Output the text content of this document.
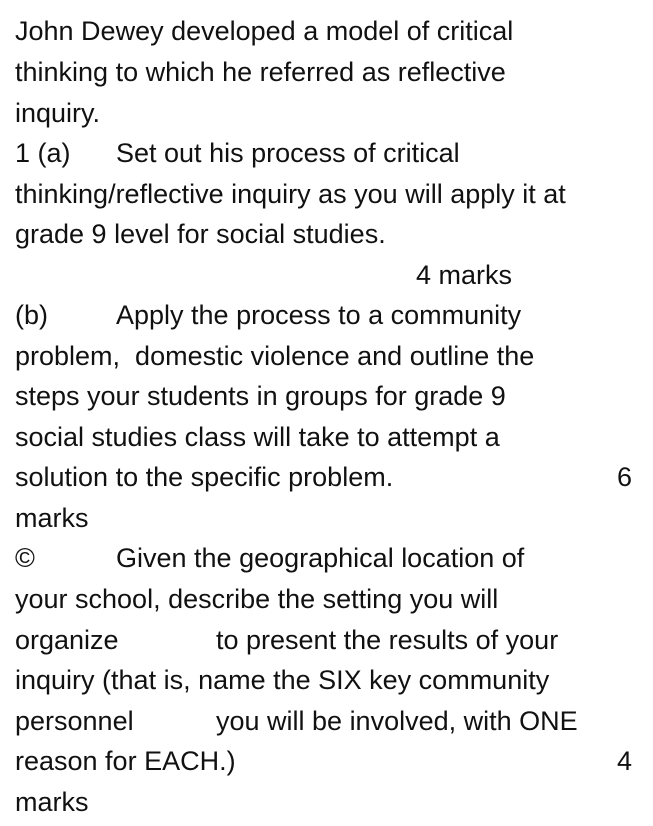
John Dewey developed a model of critical
thinking to which he referred as reflective
inquiry.
1 (a) Set out his process of critical
thinking/reflective inquiry as you will apply it at
grade 9 level for social studies.
4 marks
(b)	Apply the process to a community
problem,  domestic violence and outline the
steps your students in groups for grade 9
social studies class will take to attempt a
solution to the specific problem.	6
marks
©	Given the geographical location of
your school, describe the setting you will
organize	to present the results of your
inquiry (that is, name the SIX key community
personnel	you will be involved, with ONE
reason for EACH.)	4
marks
